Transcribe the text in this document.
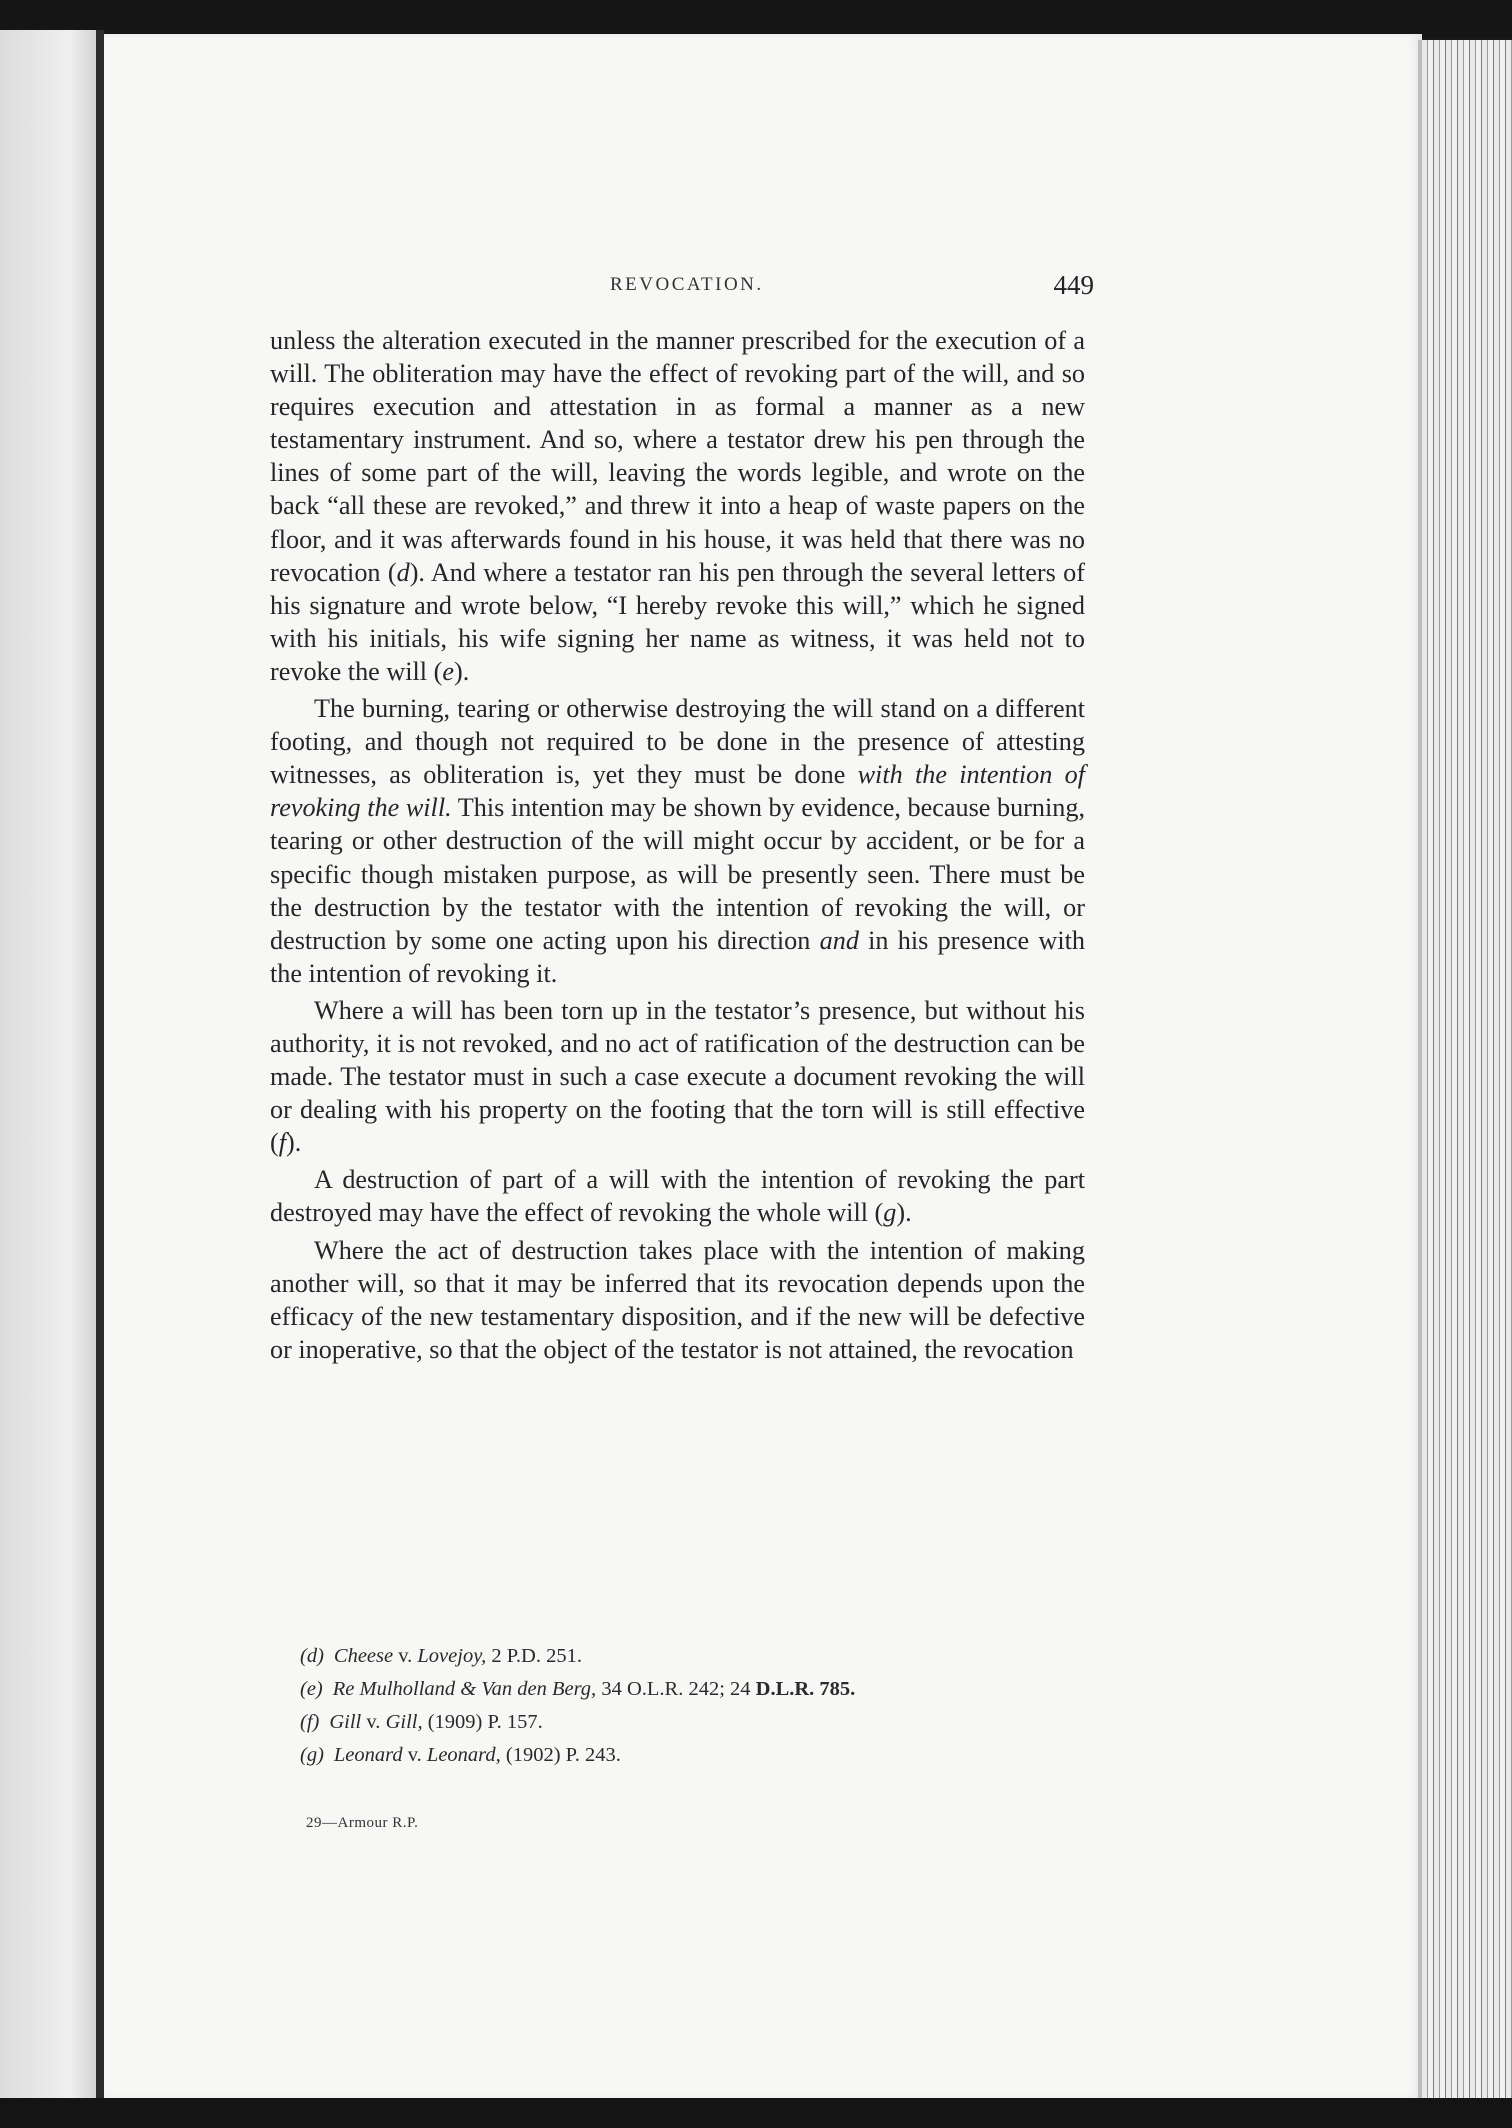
REVOCATION.	449

unless the alteration executed in the manner prescribed for the execution of a will. The obliteration may have the effect of revoking part of the will, and so requires execution and attestation in as formal a manner as a new testamentary instrument. And so, where a testator drew his pen through the lines of some part of the will, leaving the words legible, and wrote on the back “all these are revoked,” and threw it into a heap of waste papers on the floor, and it was afterwards found in his house, it was held that there was no revocation (d). And where a testator ran his pen through the several letters of his signature and wrote below, “I hereby revoke this will,” which he signed with his initials, his wife signing her name as witness, it was held not to revoke the will (e).

The burning, tearing or otherwise destroying the will stand on a different footing, and though not required to be done in the presence of attesting witnesses, as obliteration is, yet they must be done with the intention of revoking the will. This intention may be shown by evidence, because burning, tearing or other destruction of the will might occur by accident, or be for a specific though mistaken purpose, as will be presently seen. There must be the destruction by the testator with the intention of revoking the will, or destruction by some one acting upon his direction and in his presence with the intention of revoking it.

Where a will has been torn up in the testator’s presence, but without his authority, it is not revoked, and no act of ratification of the destruction can be made. The testator must in such a case execute a document revoking the will or dealing with his property on the footing that the torn will is still effective (f).

A destruction of part of a will with the intention of revoking the part destroyed may have the effect of revoking the whole will (g).

Where the act of destruction takes place with the intention of making another will, so that it may be inferred that its revocation depends upon the efficacy of the new testamentary disposition, and if the new will be defective or inoperative, so that the object of the testator is not attained, the revocation

(d) Cheese v. Lovejoy, 2 P.D. 251.

(e) Re Mulholland & Van den Berg, 34 O.L.R. 242; 24 D.L.R. 785.

(f) Gill v. Gill, (1909) P. 157.

(g) Leonard v. Leonard, (1902) P. 243.

29—Armour R.P.
